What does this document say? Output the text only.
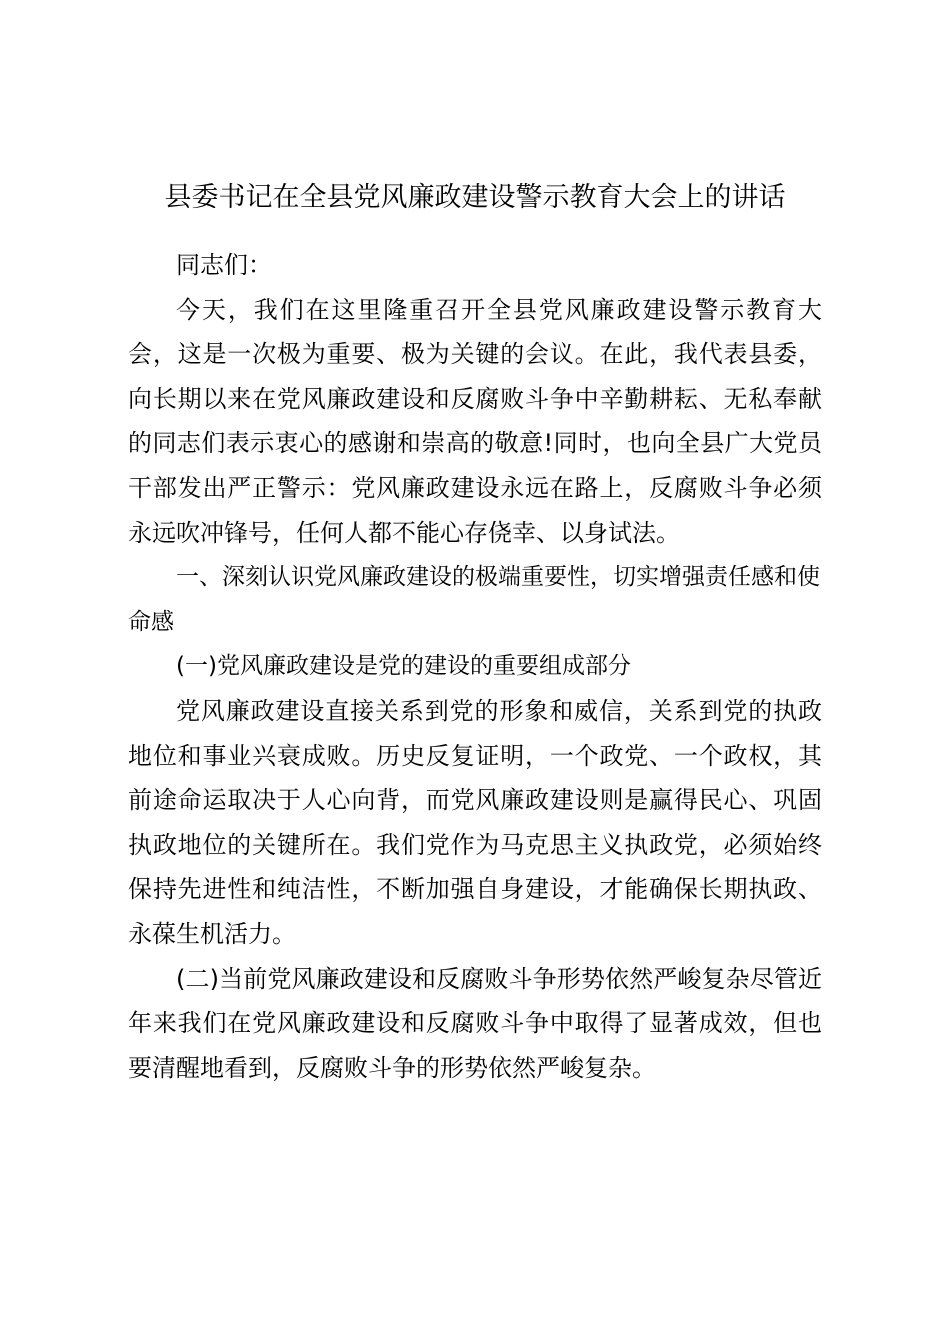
县委书记在全县党风廉政建设警示教育大会上的讲话

同志们：

今天，我们在这里隆重召开全县党风廉政建设警示教育大会，这是一次极为重要、极为关键的会议。在此，我代表县委，向长期以来在党风廉政建设和反腐败斗争中辛勤耕耘、无私奉献的同志们表示衷心的感谢和崇高的敬意!同时，也向全县广大党员干部发出严正警示：党风廉政建设永远在路上，反腐败斗争必须永远吹冲锋号，任何人都不能心存侥幸、以身试法。

一、深刻认识党风廉政建设的极端重要性，切实增强责任感和使命感

(一)党风廉政建设是党的建设的重要组成部分

党风廉政建设直接关系到党的形象和威信，关系到党的执政地位和事业兴衰成败。历史反复证明，一个政党、一个政权，其前途命运取决于人心向背，而党风廉政建设则是赢得民心、巩固执政地位的关键所在。我们党作为马克思主义执政党，必须始终保持先进性和纯洁性，不断加强自身建设，才能确保长期执政、永葆生机活力。

(二)当前党风廉政建设和反腐败斗争形势依然严峻复杂尽管近年来我们在党风廉政建设和反腐败斗争中取得了显著成效，但也要清醒地看到，反腐败斗争的形势依然严峻复杂。
